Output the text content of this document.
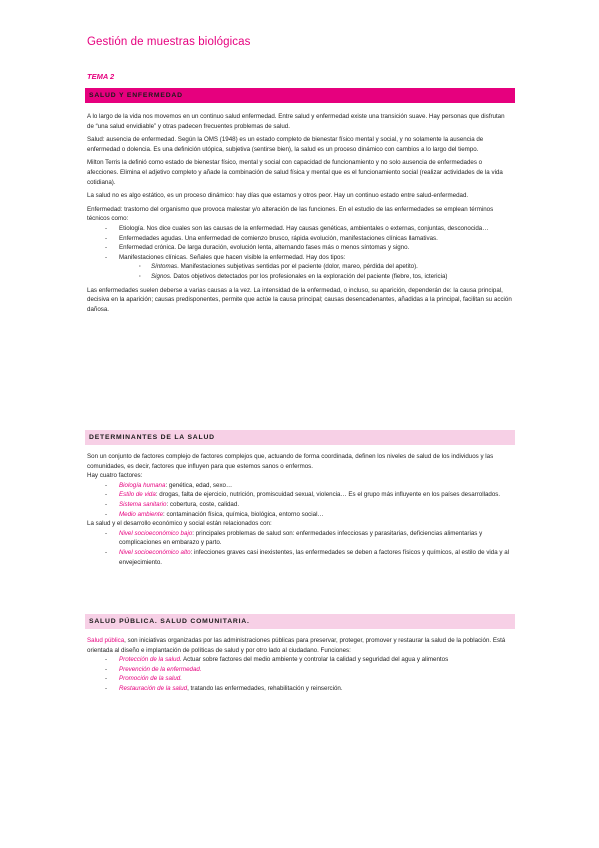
Gestión de muestras biológicas
TEMA 2
SALUD Y ENFERMEDAD

A lo largo de la vida nos movemos en un continuo salud enfermedad. Entre salud y enfermedad existe una transición suave. Hay personas que disfrutan de “una salud envidiable” y otras padecen frecuentes problemas de salud.

Salud: ausencia de enfermedad. Según la OMS (1948) es un estado completo de bienestar físico mental y social, y no solamente la ausencia de enfermedad o dolencia. Es una definición utópica, subjetiva (sentirse bien), la salud es un proceso dinámico con cambios a lo largo del tiempo.

Milton Terris la definió como estado de bienestar físico, mental y social con capacidad de funcionamiento y no solo ausencia de enfermedades o afecciones. Elimina el adjetivo completo y añade la combinación de salud física y mental que es el funcionamiento social (realizar actividades de la vida cotidiana).

La salud no es algo estático, es un proceso dinámico: hay días que estamos y otros peor. Hay un continuo estado entre salud-enfermedad.

Enfermedad: trastorno del organismo que provoca malestar y/o alteración de las funciones. En el estudio de las enfermedades se emplean términos técnicos como:

- Etiología. Nos dice cuales son las causas de la enfermedad. Hay causas genéticas, ambientales o externas, conjuntas, desconocida…
- Enfermedades agudas. Una enfermedad de comienzo brusco, rápida evolución, manifestaciones clínicas llamativas.
- Enfermedad crónica. De larga duración, evolución lenta, alternando fases más o menos síntomas y signo.
- Manifestaciones clínicas. Señales que hacen visible la enfermedad. Hay dos tipos:
· Síntomas. Manifestaciones subjetivas sentidas por el paciente (dolor, mareo, pérdida del apetito).
· Signos. Datos objetivos detectados por los profesionales en la exploración del paciente (fiebre, tos, ictericia)

Las enfermedades suelen deberse a varias causas a la vez. La intensidad de la enfermedad, o incluso, su aparición, dependerán de: la causa principal, decisiva en la aparición; causas predisponentes, permite que actúe la causa principal; causas desencadenantes, añadidas a la principal, facilitan su acción dañosa.

DETERMINANTES DE LA SALUD

Son un conjunto de factores complejo de factores complejos que, actuando de forma coordinada, definen los niveles de salud de los individuos y las comunidades, es decir, factores que influyen para que estemos sanos o enfermos.

Hay cuatro factores:

- Biología humana: genética, edad, sexo…
- Estilo de vida: drogas, falta de ejercicio, nutrición, promiscuidad sexual, violencia… Es el grupo más influyente en los países desarrollados.
- Sistema sanitario: cobertura, coste, calidad.
- Medio ambiente: contaminación física, química, biológica, entorno social…

La salud y el desarrollo económico y social están relacionados con:

- Nivel socioeconómico bajo: principales problemas de salud son: enfermedades infecciosas y parasitarias, deficiencias alimentarias y complicaciones en embarazo y parto.
- Nivel socioeconómico alto: infecciones graves casi inexistentes, las enfermedades se deben a factores físicos y químicos, al estilo de vida y al envejecimiento.
SALUD PÚBLICA. SALUD COMUNITARIA.

Salud pública, son iniciativas organizadas por las administraciones públicas para preservar, proteger, promover y restaurar la salud de la población. Está orientada al diseño e implantación de políticas de salud y por otro lado al ciudadano. Funciones:

- Protección de la salud. Actuar sobre factores del medio ambiente y controlar la calidad y seguridad del agua y alimentos
- Prevención de la enfermedad.
- Promoción de la salud.
- Restauración de la salud, tratando las enfermedades, rehabilitación y reinserción.
